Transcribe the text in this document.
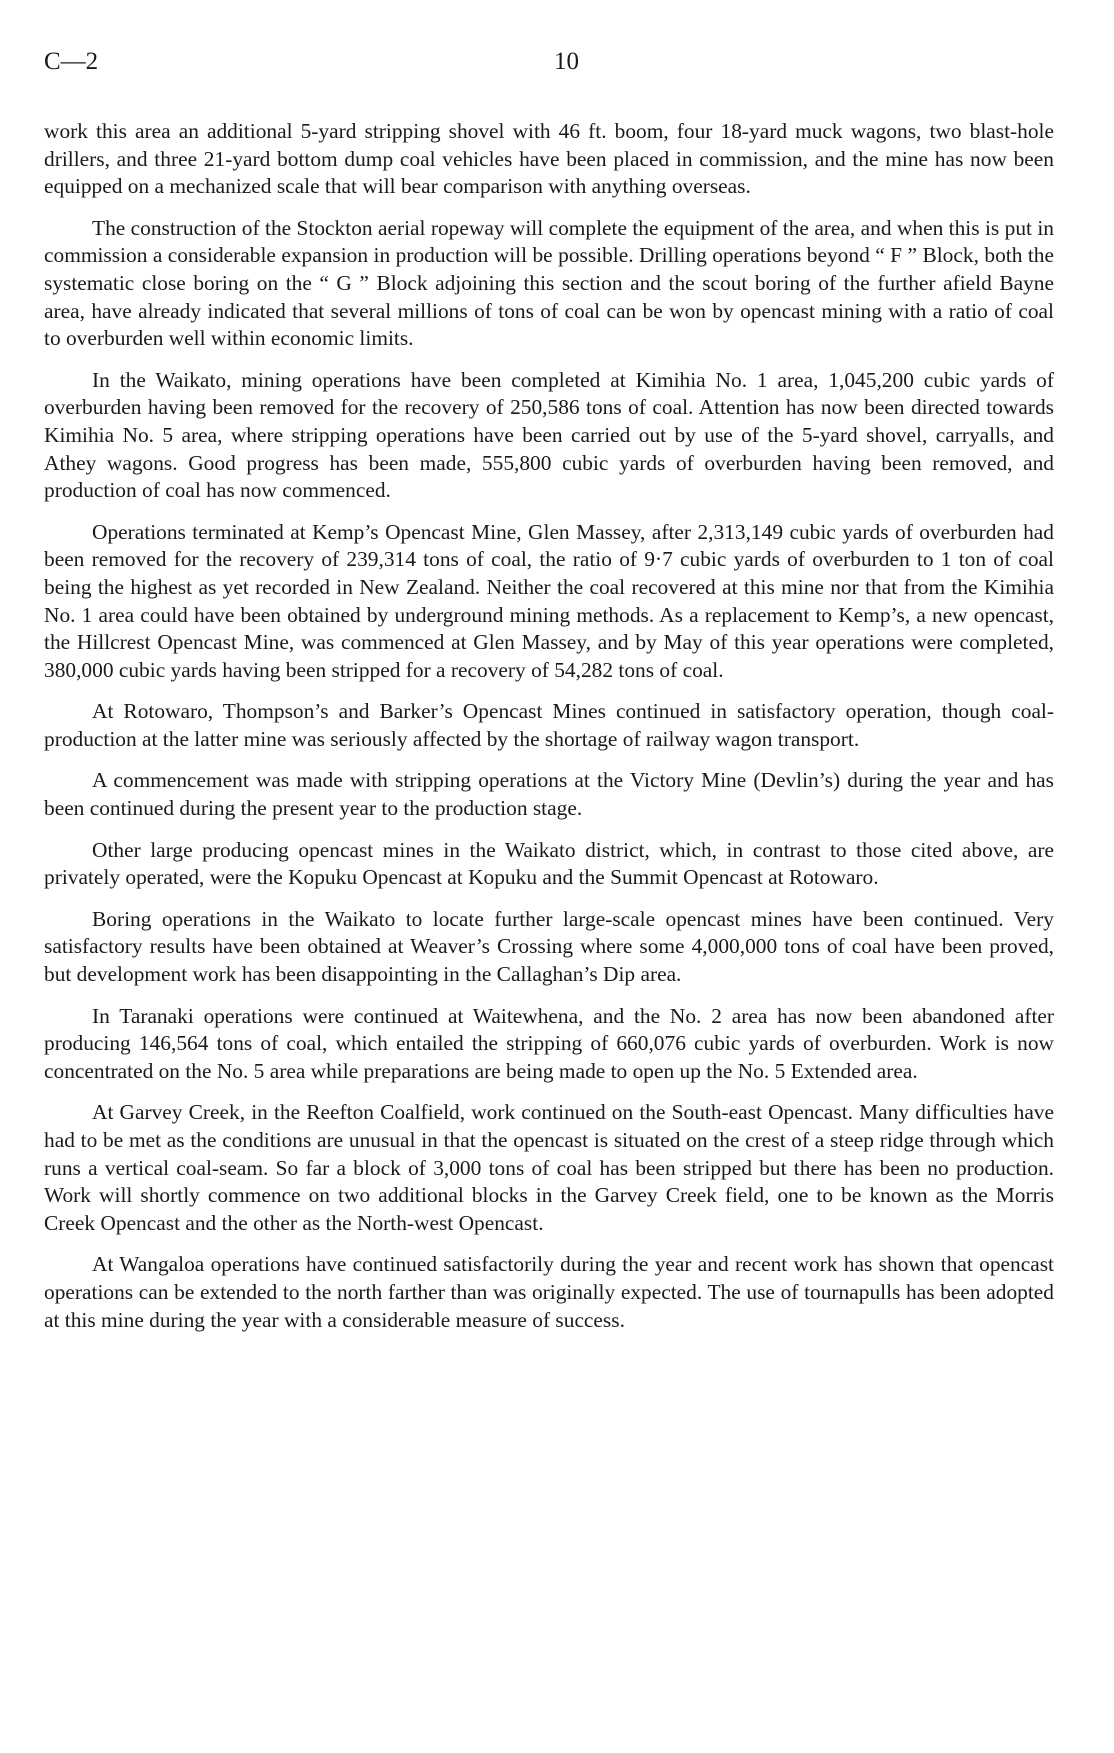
C—2	10

work this area an additional 5-yard stripping shovel with 46 ft. boom, four 18-yard muck wagons, two blast-hole drillers, and three 21-yard bottom dump coal vehicles have been placed in commission, and the mine has now been equipped on a mechanized scale that will bear comparison with anything overseas.

The construction of the Stockton aerial ropeway will complete the equipment of the area, and when this is put in commission a considerable expansion in production will be possible. Drilling operations beyond “ F ” Block, both the systematic close boring on the “ G ” Block adjoining this section and the scout boring of the further afield Bayne area, have already indicated that several millions of tons of coal can be won by opencast mining with a ratio of coal to overburden well within economic limits.

In the Waikato, mining operations have been completed at Kimihia No. 1 area, 1,045,200 cubic yards of overburden having been removed for the recovery of 250,586 tons of coal. Attention has now been directed towards Kimihia No. 5 area, where stripping operations have been carried out by use of the 5-yard shovel, carryalls, and Athey wagons. Good progress has been made, 555,800 cubic yards of overburden having been removed, and production of coal has now commenced.

Operations terminated at Kemp’s Opencast Mine, Glen Massey, after 2,313,149 cubic yards of overburden had been removed for the recovery of 239,314 tons of coal, the ratio of 9·7 cubic yards of overburden to 1 ton of coal being the highest as yet recorded in New Zealand. Neither the coal recovered at this mine nor that from the Kimihia No. 1 area could have been obtained by underground mining methods. As a replacement to Kemp’s, a new opencast, the Hillcrest Opencast Mine, was commenced at Glen Massey, and by May of this year operations were completed, 380,000 cubic yards having been stripped for a recovery of 54,282 tons of coal.

At Rotowaro, Thompson’s and Barker’s Opencast Mines continued in satisfactory operation, though coal-production at the latter mine was seriously affected by the shortage of railway wagon transport.

A commencement was made with stripping operations at the Victory Mine (Devlin’s) during the year and has been continued during the present year to the production stage.

Other large producing opencast mines in the Waikato district, which, in contrast to those cited above, are privately operated, were the Kopuku Opencast at Kopuku and the Summit Opencast at Rotowaro.

Boring operations in the Waikato to locate further large-scale opencast mines have been continued. Very satisfactory results have been obtained at Weaver’s Crossing where some 4,000,000 tons of coal have been proved, but development work has been disappointing in the Callaghan’s Dip area.

In Taranaki operations were continued at Waitewhena, and the No. 2 area has now been abandoned after producing 146,564 tons of coal, which entailed the stripping of 660,076 cubic yards of overburden. Work is now concentrated on the No. 5 area while preparations are being made to open up the No. 5 Extended area.

At Garvey Creek, in the Reefton Coalfield, work continued on the South-east Opencast. Many difficulties have had to be met as the conditions are unusual in that the opencast is situated on the crest of a steep ridge through which runs a vertical coal-seam. So far a block of 3,000 tons of coal has been stripped but there has been no production. Work will shortly commence on two additional blocks in the Garvey Creek field, one to be known as the Morris Creek Opencast and the other as the North-west Opencast.

At Wangaloa operations have continued satisfactorily during the year and recent work has shown that opencast operations can be extended to the north farther than was originally expected. The use of tournapulls has been adopted at this mine during the year with a considerable measure of success.
